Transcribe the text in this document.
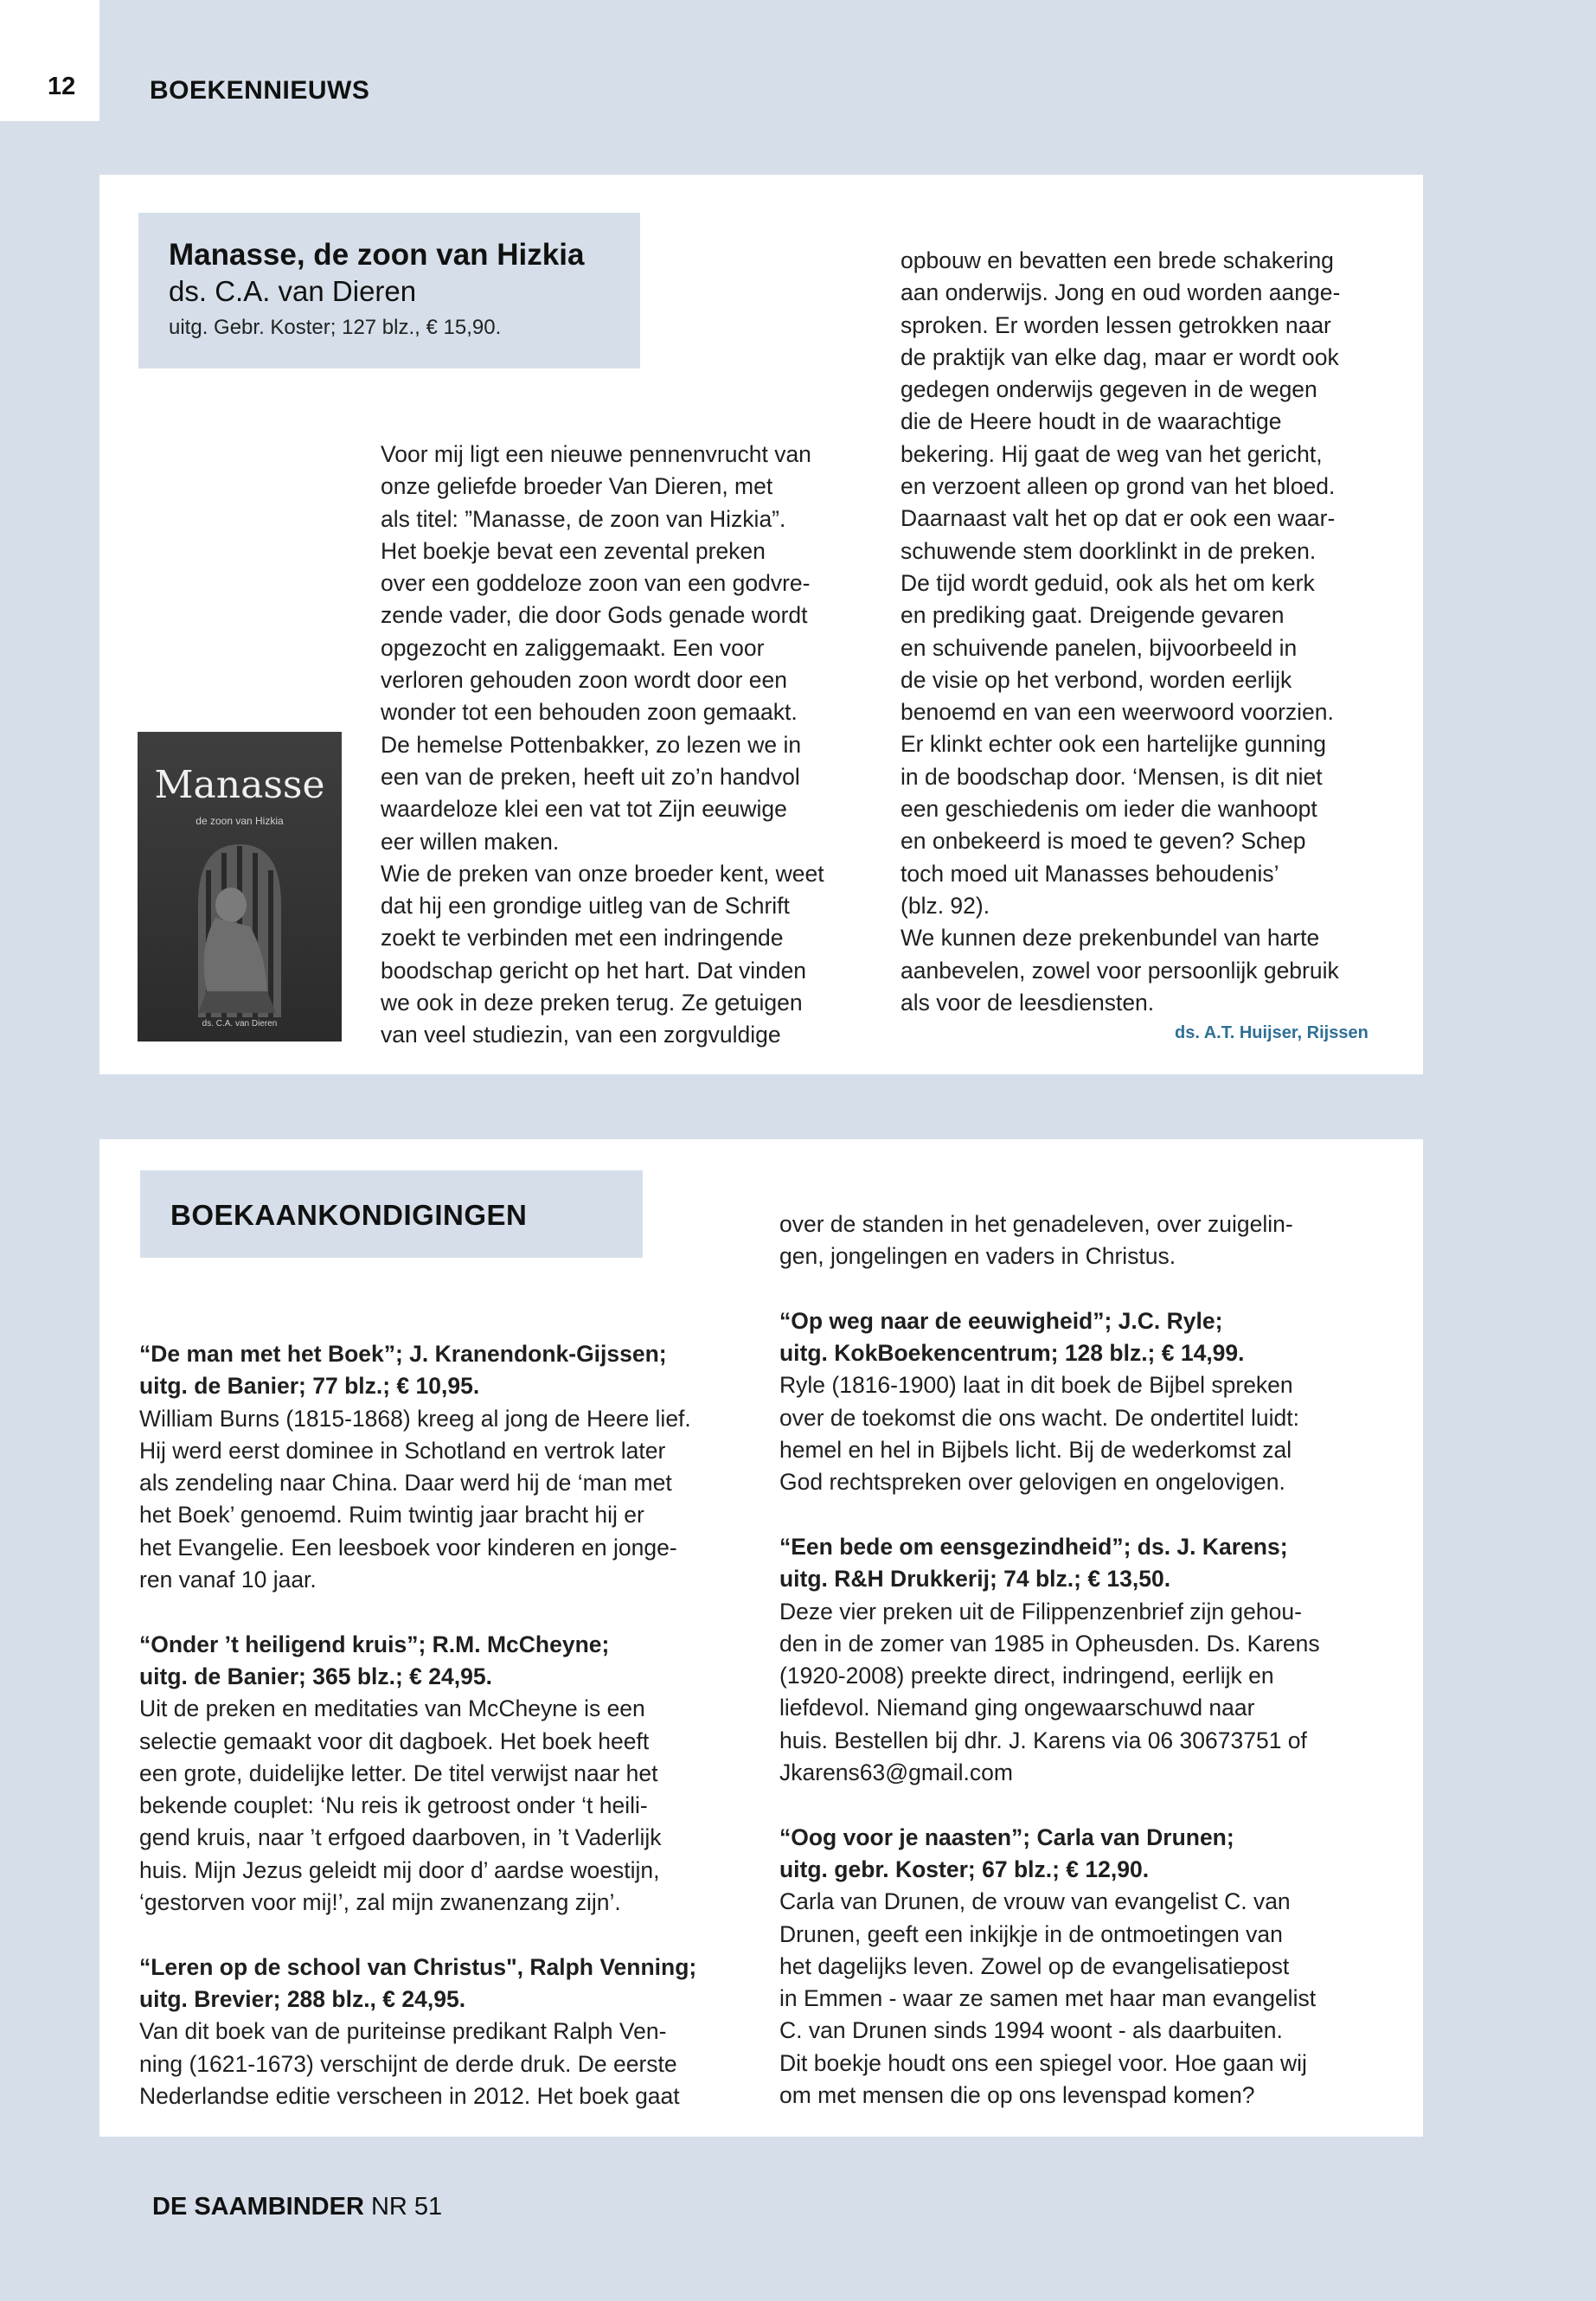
12	BOEKENNIEUWS
Manasse, de zoon van Hizkia
ds. C.A. van Dieren
uitg. Gebr. Koster; 127 blz., € 15,90.
Manasse
de zoon van Hizkia
ds. C.A. van Dieren
Voor mij ligt een nieuwe pennenvrucht van
onze geliefde broeder Van Dieren, met
als titel: ”Manasse, de zoon van Hizkia”.
Het boekje bevat een zevental preken
over een goddeloze zoon van een godvre-
zende vader, die door Gods genade wordt
opgezocht en zaliggemaakt. Een voor
verloren gehouden zoon wordt door een
wonder tot een behouden zoon gemaakt.
De hemelse Pottenbakker, zo lezen we in
een van de preken, heeft uit zo’n handvol
waardeloze klei een vat tot Zijn eeuwige
eer willen maken.
Wie de preken van onze broeder kent, weet
dat hij een grondige uitleg van de Schrift
zoekt te verbinden met een indringende
boodschap gericht op het hart. Dat vinden
we ook in deze preken terug. Ze getuigen
van veel studiezin, van een zorgvuldige
opbouw en bevatten een brede schakering
aan onderwijs. Jong en oud worden aange-
sproken. Er worden lessen getrokken naar
de praktijk van elke dag, maar er wordt ook
gedegen onderwijs gegeven in de wegen
die de Heere houdt in de waarachtige
bekering. Hij gaat de weg van het gericht,
en verzoent alleen op grond van het bloed.
Daarnaast valt het op dat er ook een waar-
schuwende stem doorklinkt in de preken.
De tijd wordt geduid, ook als het om kerk
en prediking gaat. Dreigende gevaren
en schuivende panelen, bijvoorbeeld in
de visie op het verbond, worden eerlijk
benoemd en van een weerwoord voorzien.
Er klinkt echter ook een hartelijke gunning
in de boodschap door. ‘Mensen, is dit niet
een geschiedenis om ieder die wanhoopt
en onbekeerd is moed te geven? Schep
toch moed uit Manasses behoudenis’
(blz. 92).
We kunnen deze prekenbundel van harte
aanbevelen, zowel voor persoonlijk gebruik
als voor de leesdiensten.
ds. A.T. Huijser, Rijssen
BOEKAANKONDIGINGEN
“De man met het Boek”; J. Kranendonk-Gijssen;
uitg. de Banier; 77 blz.; € 10,95.
William Burns (1815-1868) kreeg al jong de Heere lief.
Hij werd eerst dominee in Schotland en vertrok later
als zendeling naar China. Daar werd hij de ‘man met
het Boek’ genoemd. Ruim twintig jaar bracht hij er
het Evangelie. Een leesboek voor kinderen en jonge-
ren vanaf 10 jaar.
“Onder ’t heiligend kruis”; R.M. McCheyne;
uitg. de Banier; 365 blz.; € 24,95.
Uit de preken en meditaties van McCheyne is een
selectie gemaakt voor dit dagboek. Het boek heeft
een grote, duidelijke letter. De titel verwijst naar het
bekende couplet: ‘Nu reis ik getroost onder ‘t heili-
gend kruis, naar ’t erfgoed daarboven, in ’t Vaderlijk
huis. Mijn Jezus geleidt mij door d’ aardse woestijn,
‘gestorven voor mij!’, zal mijn zwanenzang zijn’.
“Leren op de school van Christus", Ralph Venning;
uitg. Brevier; 288 blz., € 24,95.
Van dit boek van de puriteinse predikant Ralph Ven-
ning (1621-1673) verschijnt de derde druk. De eerste
Nederlandse editie verscheen in 2012. Het boek gaat
over de standen in het genadeleven, over zuigelin-
gen, jongelingen en vaders in Christus.
“Op weg naar de eeuwigheid”; J.C. Ryle;
uitg. KokBoekencentrum; 128 blz.; € 14,99.
Ryle (1816-1900) laat in dit boek de Bijbel spreken
over de toekomst die ons wacht. De ondertitel luidt:
hemel en hel in Bijbels licht. Bij de wederkomst zal
God rechtspreken over gelovigen en ongelovigen.
“Een bede om eensgezindheid”; ds. J. Karens;
uitg. R&H Drukkerij; 74 blz.; € 13,50.
Deze vier preken uit de Filippenzenbrief zijn gehou-
den in de zomer van 1985 in Opheusden. Ds. Karens
(1920-2008) preekte direct, indringend, eerlijk en
liefdevol. Niemand ging ongewaarschuwd naar
huis. Bestellen bij dhr. J. Karens via 06 30673751 of
Jkarens63@gmail.com
“Oog voor je naasten”; Carla van Drunen;
uitg. gebr. Koster; 67 blz.; € 12,90.
Carla van Drunen, de vrouw van evangelist C. van
Drunen, geeft een inkijkje in de ontmoetingen van
het dagelijks leven. Zowel op de evangelisatiepost
in Emmen - waar ze samen met haar man evangelist
C. van Drunen sinds 1994 woont - als daarbuiten.
Dit boekje houdt ons een spiegel voor. Hoe gaan wij
om met mensen die op ons levenspad komen?
DE SAAMBINDER NR 51
